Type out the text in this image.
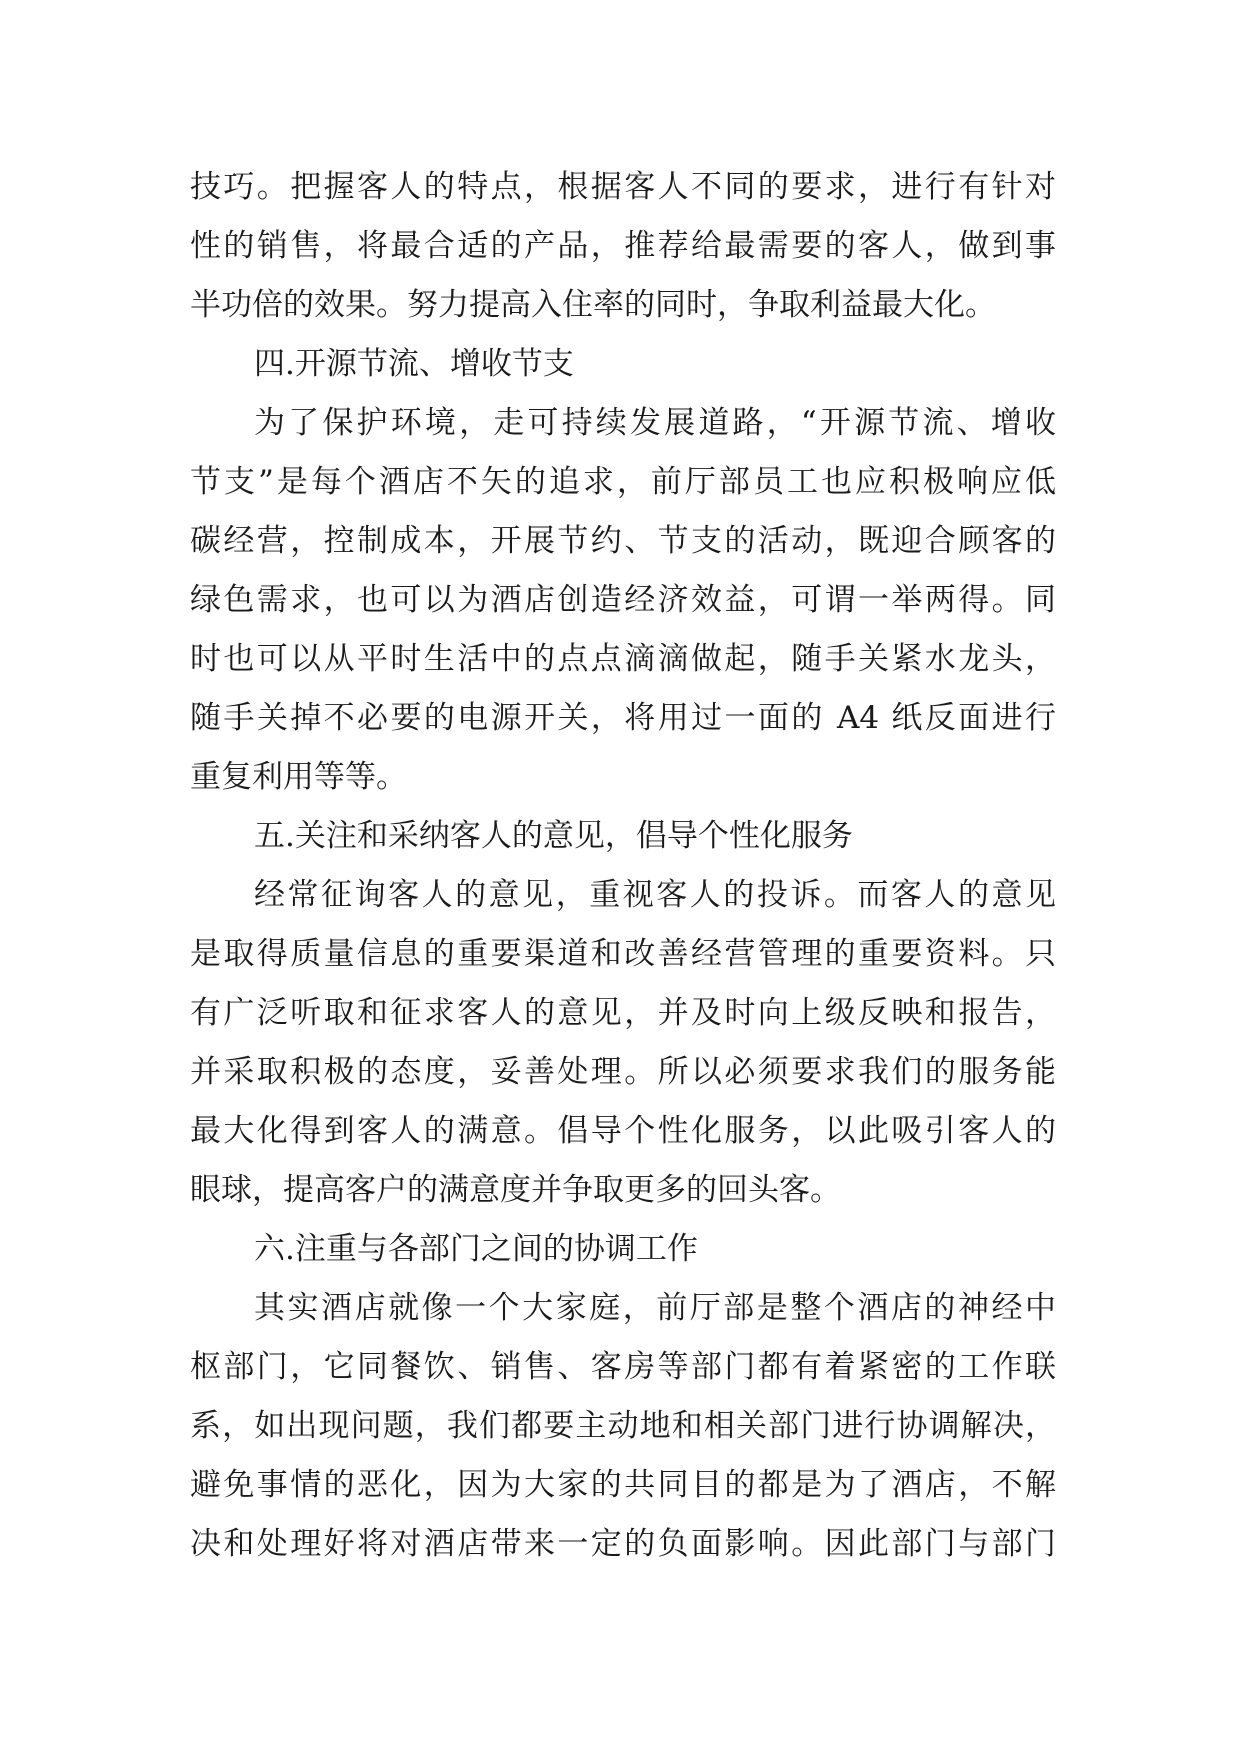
技巧。把握客人的特点，根据客人不同的要求，进行有针对
性的销售，将最合适的产品，推荐给最需要的客人，做到事
半功倍的效果。努力提高入住率的同时，争取利益最大化。
四.开源节流、增收节支
为了保护环境，走可持续发展道路，“开源节流、增收
节支”是每个酒店不矢的追求，前厅部员工也应积极响应低
碳经营，控制成本，开展节约、节支的活动，既迎合顾客的
绿色需求，也可以为酒店创造经济效益，可谓一举两得。同
时也可以从平时生活中的点点滴滴做起，随手关紧水龙头，
随手关掉不必要的电源开关，将用过一面的 A4 纸反面进行
重复利用等等。
五.关注和采纳客人的意见，倡导个性化服务
经常征询客人的意见，重视客人的投诉。而客人的意见
是取得质量信息的重要渠道和改善经营管理的重要资料。只
有广泛听取和征求客人的意见，并及时向上级反映和报告，
并采取积极的态度，妥善处理。所以必须要求我们的服务能
最大化得到客人的满意。倡导个性化服务，以此吸引客人的
眼球，提高客户的满意度并争取更多的回头客。
六.注重与各部门之间的协调工作
其实酒店就像一个大家庭，前厅部是整个酒店的神经中
枢部门，它同餐饮、销售、客房等部门都有着紧密的工作联
系，如出现问题，我们都要主动地和相关部门进行协调解决，
避免事情的恶化，因为大家的共同目的都是为了酒店，不解
决和处理好将对酒店带来一定的负面影响。因此部门与部门
